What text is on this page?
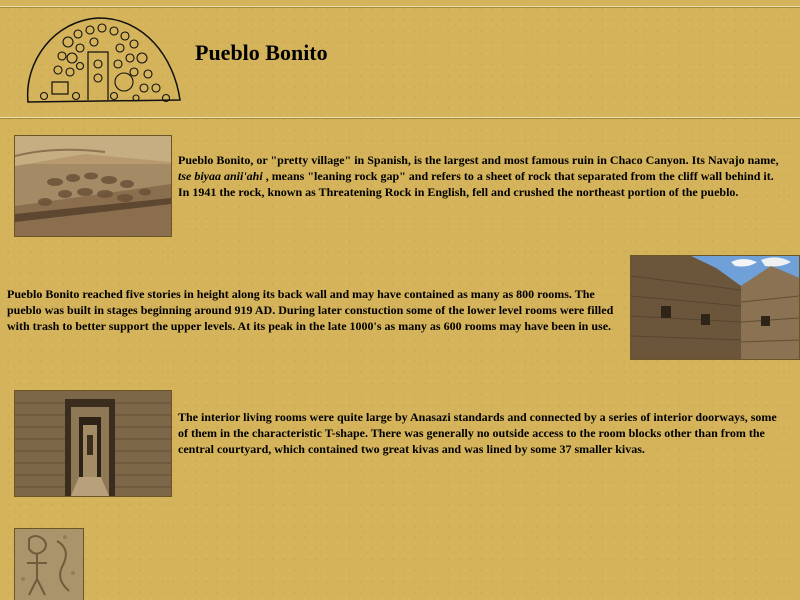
Pueblo Bonito

Pueblo Bonito, or "pretty village" in Spanish, is the largest and most famous ruin in Chaco Canyon. Its Navajo name, tse biyaa anii'ahi , means "leaning rock gap" and refers to a sheet of rock that separated from the cliff wall behind it. In 1941 the rock, known as Threatening Rock in English, fell and crushed the northeast portion of the pueblo.

Pueblo Bonito reached five stories in height along its back wall and may have contained as many as 800 rooms. The pueblo was built in stages beginning around 919 AD. During later constuction some of the lower level rooms were filled with trash to better support the upper levels. At its peak in the late 1000's as many as 600 rooms may have been in use.

The interior living rooms were quite large by Anasazi standards and connected by a series of interior doorways, some of them in the characteristic T-shape. There was generally no outside access to the room blocks other than from the central courtyard, which contained two great kivas and was lined by some 37 smaller kivas.
